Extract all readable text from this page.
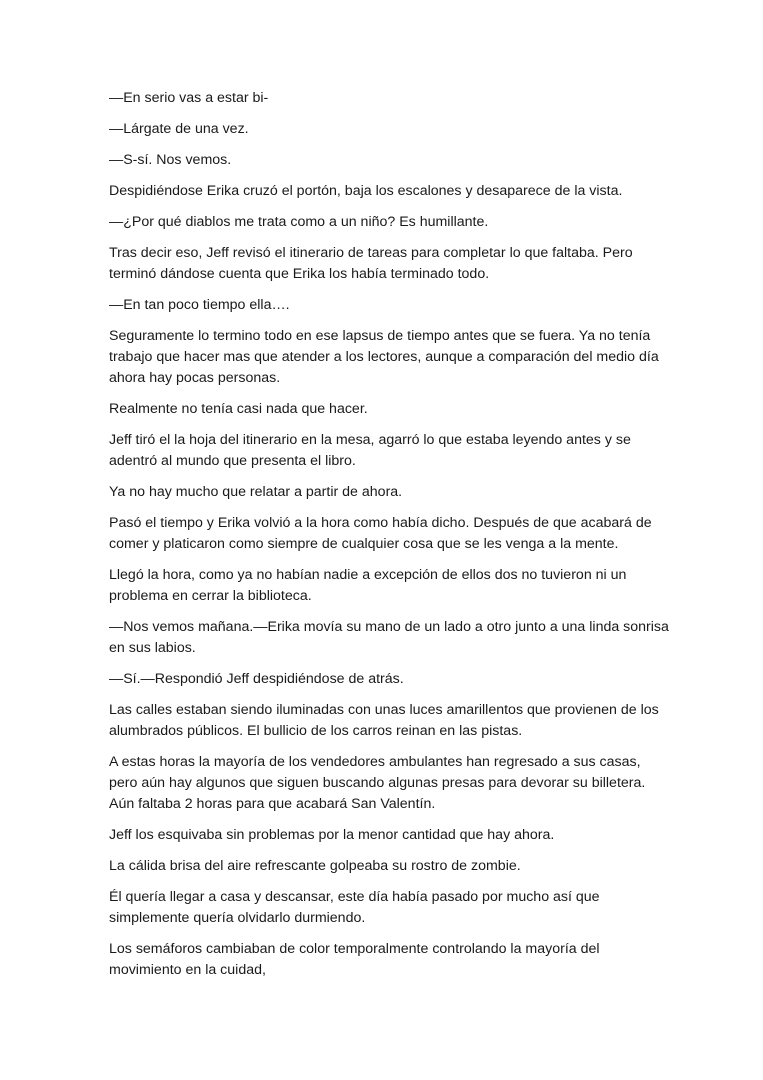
—En serio vas a estar bi-

—Lárgate de una vez.

—S-sí. Nos vemos.

Despidiéndose Erika cruzó el portón, baja los escalones y desaparece de la vista.

—¿Por qué diablos me trata como a un niño? Es humillante.

Tras decir eso, Jeff revisó el itinerario de tareas para completar lo que faltaba. Pero terminó dándose cuenta que Erika los había terminado todo.

—En tan poco tiempo ella….

Seguramente lo termino todo en ese lapsus de tiempo antes que se fuera. Ya no tenía trabajo que hacer mas que atender a los lectores, aunque a comparación del medio día ahora hay pocas personas.

Realmente no tenía casi nada que hacer.

Jeff tiró el la hoja del itinerario en la mesa, agarró lo que estaba leyendo antes y se adentró al mundo que presenta el libro.

Ya no hay mucho que relatar a partir de ahora.

Pasó el tiempo y Erika volvió a la hora como había dicho. Después de que acabará de comer y platicaron como siempre de cualquier cosa que se les venga a la mente.

Llegó la hora, como ya no habían nadie a excepción de ellos dos no tuvieron ni un problema en cerrar la biblioteca.

—Nos vemos mañana.—Erika movía su mano de un lado a otro junto a una linda sonrisa en sus labios.

—Sí.—Respondió Jeff despidiéndose de atrás.

Las calles estaban siendo iluminadas con unas luces amarillentos que provienen de los alumbrados públicos. El bullicio de los carros reinan en las pistas.

A estas horas la mayoría de los vendedores ambulantes han regresado a sus casas, pero aún hay algunos que siguen buscando algunas presas para devorar su billetera. Aún faltaba 2 horas para que acabará San Valentín.

Jeff los esquivaba sin problemas por la menor cantidad que hay ahora.

La cálida brisa del aire refrescante golpeaba su rostro de zombie.

Él quería llegar a casa y descansar, este día había pasado por mucho así que simplemente quería olvidarlo durmiendo.

Los semáforos cambiaban de color temporalmente controlando la mayoría del movimiento en la cuidad,
